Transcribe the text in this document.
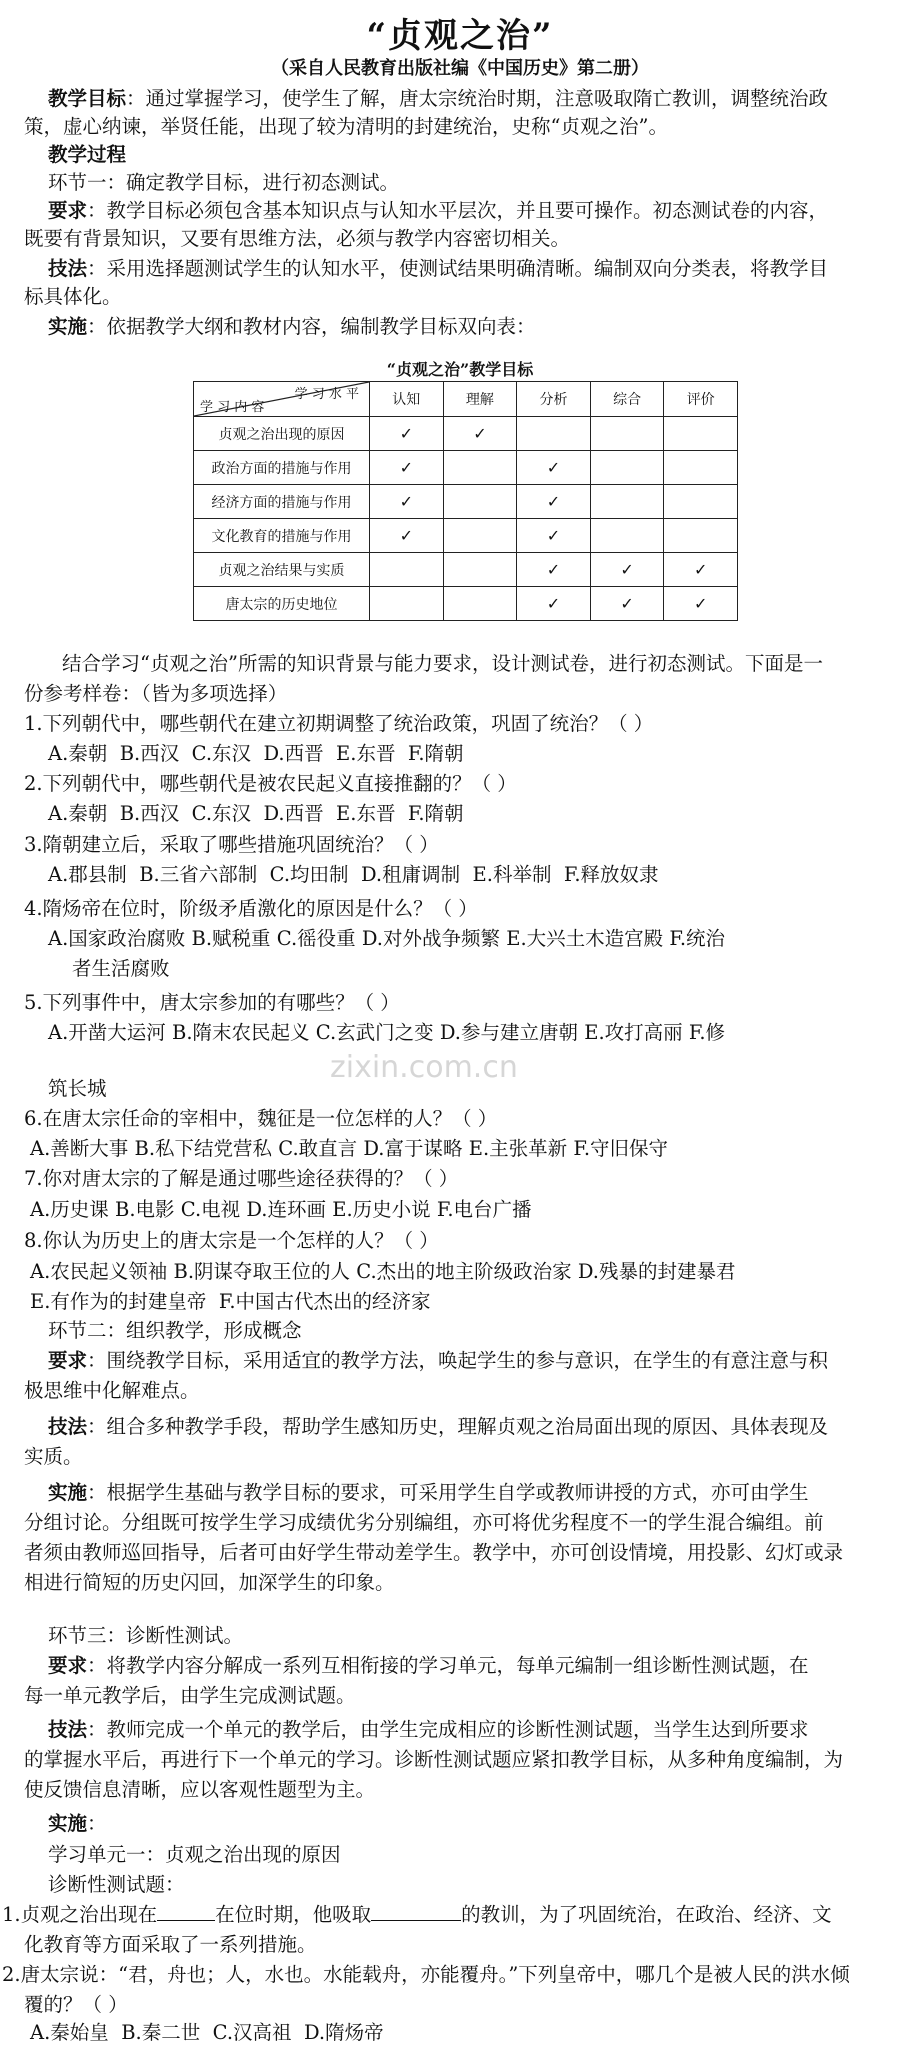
“贞观之治”
（采自人民教育出版社编《中国历史》第二册）
教学目标：通过掌握学习，使学生了解，唐太宗统治时期，注意吸取隋亡教训，调整统治政
策，虚心纳谏，举贤任能，出现了较为清明的封建统治，史称“贞观之治”。
教学过程
环节一：确定教学目标，进行初态测试。
要求：教学目标必须包含基本知识点与认知水平层次，并且要可操作。初态测试卷的内容，
既要有背景知识，又要有思维方法，必须与教学内容密切相关。
技法：采用选择题测试学生的认知水平，使测试结果明确清晰。编制双向分类表，将教学目
标具体化。
实施：依据教学大纲和教材内容，编制教学目标双向表：
“贞观之治”教学目标
学 习 水 平
学 习 内 容	认知	理解	分析	综合	评价
贞观之治出现的原因	✓	✓			
政治方面的措施与作用	✓		✓		
经济方面的措施与作用	✓		✓		
文化教育的措施与作用	✓		✓		
贞观之治结果与实质			✓	✓	✓
唐太宗的历史地位			✓	✓	✓
结合学习“贞观之治”所需的知识背景与能力要求，设计测试卷，进行初态测试。下面是一
份参考样卷：（皆为多项选择）
1.下列朝代中，哪些朝代在建立初期调整了统治政策，巩固了统治？（ ）
A.秦朝 B.西汉 C.东汉 D.西晋 E.东晋 F.隋朝
2.下列朝代中，哪些朝代是被农民起义直接推翻的？（ ）
A.秦朝 B.西汉 C.东汉 D.西晋 E.东晋 F.隋朝
3.隋朝建立后，采取了哪些措施巩固统治？（ ）
A.郡县制 B.三省六部制 C.均田制 D.租庸调制 E.科举制 F.释放奴隶
4.隋炀帝在位时，阶级矛盾激化的原因是什么？（ ）
A.国家政治腐败 B.赋税重 C.徭役重 D.对外战争频繁 E.大兴土木造宫殿 F.统治
者生活腐败
5.下列事件中，唐太宗参加的有哪些？（ ）
A.开凿大运河 B.隋末农民起义 C.玄武门之变 D.参与建立唐朝 E.攻打高丽 F.修
zixin.com.cn
筑长城
6.在唐太宗任命的宰相中，魏征是一位怎样的人？（ ）
A.善断大事 B.私下结党营私 C.敢直言 D.富于谋略 E.主张革新 F.守旧保守
7.你对唐太宗的了解是通过哪些途径获得的？（ ）
A.历史课 B.电影 C.电视 D.连环画 E.历史小说 F.电台广播
8.你认为历史上的唐太宗是一个怎样的人？（ ）
A.农民起义领袖 B.阴谋夺取王位的人 C.杰出的地主阶级政治家 D.残暴的封建暴君
E.有作为的封建皇帝 F.中国古代杰出的经济家
环节二：组织教学，形成概念
要求：围绕教学目标，采用适宜的教学方法，唤起学生的参与意识，在学生的有意注意与积
极思维中化解难点。
技法：组合多种教学手段，帮助学生感知历史，理解贞观之治局面出现的原因、具体表现及
实质。
实施：根据学生基础与教学目标的要求，可采用学生自学或教师讲授的方式，亦可由学生
分组讨论。分组既可按学生学习成绩优劣分别编组，亦可将优劣程度不一的学生混合编组。前
者须由教师巡回指导，后者可由好学生带动差学生。教学中，亦可创设情境，用投影、幻灯或录
相进行简短的历史闪回，加深学生的印象。
环节三：诊断性测试。
要求：将教学内容分解成一系列互相衔接的学习单元，每单元编制一组诊断性测试题，在
每一单元教学后，由学生完成测试题。
技法：教师完成一个单元的教学后，由学生完成相应的诊断性测试题，当学生达到所要求
的掌握水平后，再进行下一个单元的学习。诊断性测试题应紧扣教学目标，从多种角度编制，为
使反馈信息清晰，应以客观性题型为主。
实施：
学习单元一：贞观之治出现的原因
诊断性测试题：
1.贞观之治出现在	在位时期，他吸取	的教训，为了巩固统治，在政治、经济、文
化教育等方面采取了一系列措施。
2.唐太宗说：“君，舟也；人，水也。水能载舟，亦能覆舟。”下列皇帝中，哪几个是被人民的洪水倾
覆的？（ ）
A.秦始皇 B.秦二世 C.汉高祖 D.隋炀帝
